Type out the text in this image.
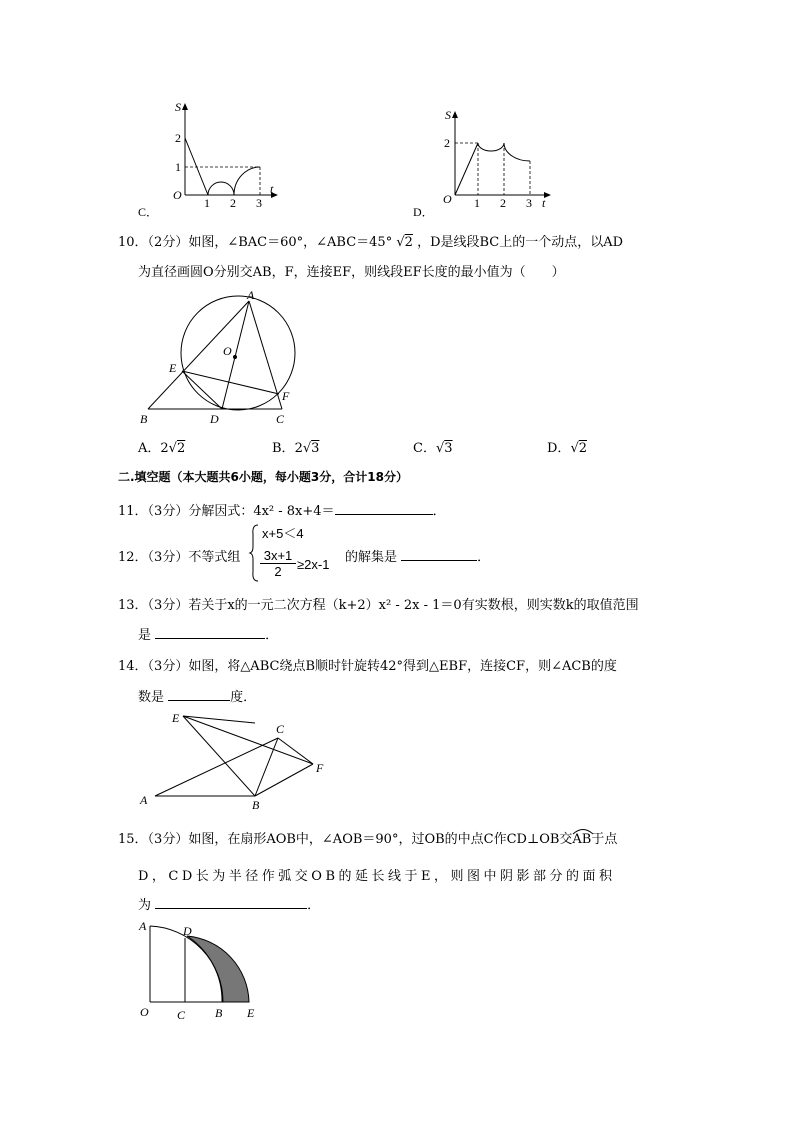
S
2
1
O
1 2 3
t
C．
S
2
O 1 2 3 t
D．
10．（2分）如图，∠BAC＝60°，∠ABC＝45° √2 ，D是线段BC上的一个动点，以AD
为直径画圆O分别交AB，F，连接EF，则线段EF长度的最小值为（　　）
A
O
E
F
B	D	C
A．2√2	B．2√3	C．√3	D．√2
二.填空题（本大题共6小题，每小题3分，合计18分）
11．（3分）分解因式：4x² - 8x+4＝	．
12．（3分）不等式组
x+5＜4
$\frac{3x+1}{2} \ge 2x-1$ 的解集是	．
13．（3分）若关于x的一元二次方程（k+2）x² - 2x - 1＝0有实数根，则实数k的取值范围
是	．
14．（3分）如图，将△ABC绕点B顺时针旋转42°得到△EBF，连接CF，则∠ACB的度
数是	度．
E
C
F
A	B
15．（3分）如图，在扇形AOB中，∠AOB＝90°，过OB的中点C作CD⊥OB交
AB于点
D，CD长为半径作弧交OB的延长线于E，则图中阴影部分的面积
为	．
A	D
O C B E
